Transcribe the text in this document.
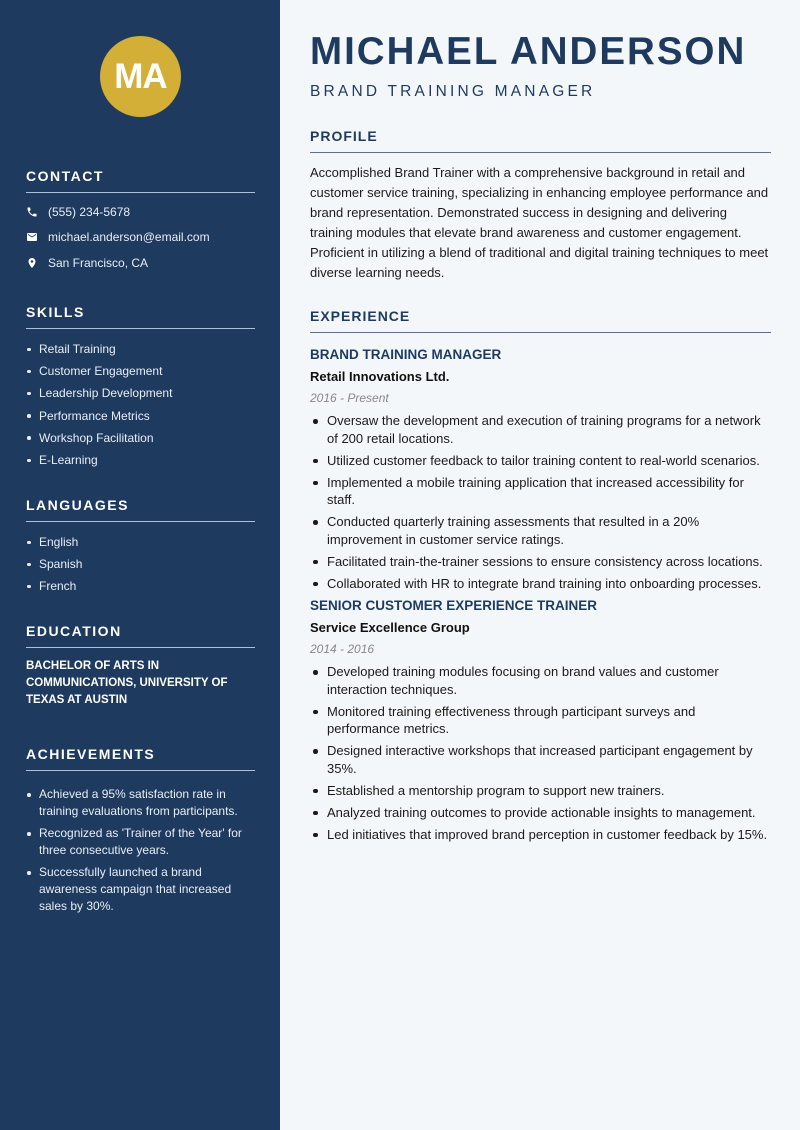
MA
CONTACT
(555) 234-5678
michael.anderson@email.com
San Francisco, CA
SKILLS
Retail Training
Customer Engagement
Leadership Development
Performance Metrics
Workshop Facilitation
E-Learning
LANGUAGES
English
Spanish
French
EDUCATION
BACHELOR OF ARTS IN COMMUNICATIONS, UNIVERSITY OF TEXAS AT AUSTIN
ACHIEVEMENTS
Achieved a 95% satisfaction rate in training evaluations from participants.
Recognized as 'Trainer of the Year' for three consecutive years.
Successfully launched a brand awareness campaign that increased sales by 30%.
MICHAEL ANDERSON
BRAND TRAINING MANAGER
PROFILE

Accomplished Brand Trainer with a comprehensive background in retail and customer service training, specializing in enhancing employee performance and brand representation. Demonstrated success in designing and delivering training modules that elevate brand awareness and customer engagement. Proficient in utilizing a blend of traditional and digital training techniques to meet diverse learning needs.

EXPERIENCE
BRAND TRAINING MANAGER
Retail Innovations Ltd.
2016 - Present
Oversaw the development and execution of training programs for a network of 200 retail locations.
Utilized customer feedback to tailor training content to real-world scenarios.
Implemented a mobile training application that increased accessibility for staff.
Conducted quarterly training assessments that resulted in a 20% improvement in customer service ratings.
Facilitated train-the-trainer sessions to ensure consistency across locations.
Collaborated with HR to integrate brand training into onboarding processes.
SENIOR CUSTOMER EXPERIENCE TRAINER
Service Excellence Group
2014 - 2016
Developed training modules focusing on brand values and customer interaction techniques.
Monitored training effectiveness through participant surveys and performance metrics.
Designed interactive workshops that increased participant engagement by 35%.
Established a mentorship program to support new trainers.
Analyzed training outcomes to provide actionable insights to management.
Led initiatives that improved brand perception in customer feedback by 15%.
